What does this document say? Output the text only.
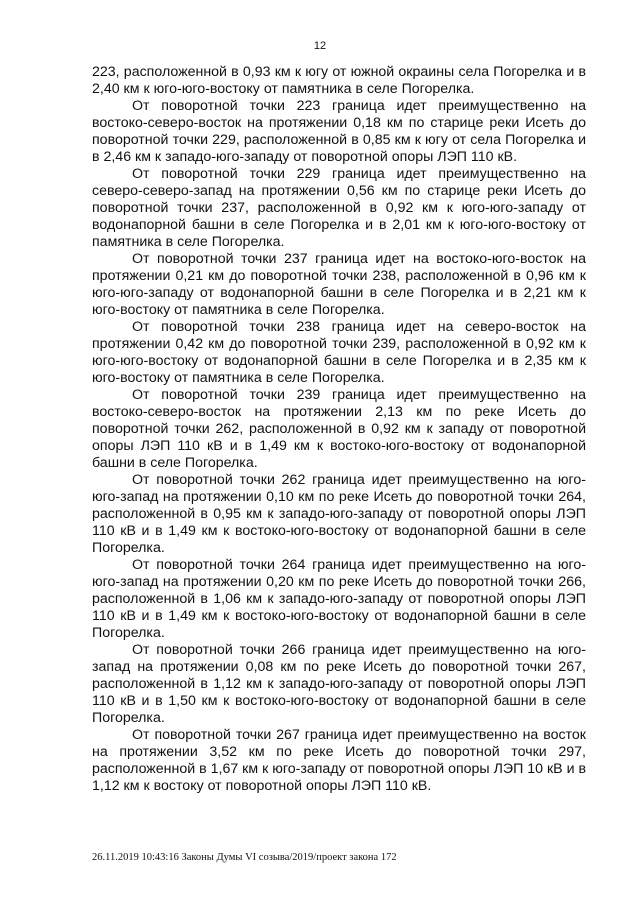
12

223, расположенной в 0,93 км к югу от южной окраины села Погорелка и в 2,40 км к юго-юго-востоку от памятника в селе Погорелка.

От поворотной точки 223 граница идет преимущественно на востоко-северо-восток на протяжении 0,18 км по старице реки Исеть до поворотной точки 229, расположенной в 0,85 км к югу от села Погорелка и в 2,46 км к западо-юго-западу от поворотной опоры ЛЭП 110 кВ.

От поворотной точки 229 граница идет преимущественно на северо-северо-запад на протяжении 0,56 км по старице реки Исеть до поворотной точки 237, расположенной в 0,92 км к юго-юго-западу от водонапорной башни в селе Погорелка и в 2,01 км к юго-юго-востоку от памятника в селе Погорелка.

От поворотной точки 237 граница идет на востоко-юго-восток на протяжении 0,21 км до поворотной точки 238, расположенной в 0,96 км к юго-юго-западу от водонапорной башни в селе Погорелка и в 2,21 км к юго-востоку от памятника в селе Погорелка.

От поворотной точки 238 граница идет на северо-восток на протяжении 0,42 км до поворотной точки 239, расположенной в 0,92 км к юго-юго-востоку от водонапорной башни в селе Погорелка и в 2,35 км к юго-востоку от памятника в селе Погорелка.

От поворотной точки 239 граница идет преимущественно на востоко-северо-восток на протяжении 2,13 км по реке Исеть до поворотной точки 262, расположенной в 0,92 км к западу от поворотной опоры ЛЭП 110 кВ и в 1,49 км к востоко-юго-востоку от водонапорной башни в селе Погорелка.

От поворотной точки 262 граница идет преимущественно на юго-юго-запад на протяжении 0,10 км по реке Исеть до поворотной точки 264, расположенной в 0,95 км к западо-юго-западу от поворотной опоры ЛЭП 110 кВ и в 1,49 км к востоко-юго-востоку от водонапорной башни в селе Погорелка.

От поворотной точки 264 граница идет преимущественно на юго-юго-запад на протяжении 0,20 км по реке Исеть до поворотной точки 266, расположенной в 1,06 км к западо-юго-западу от поворотной опоры ЛЭП 110 кВ и в 1,49 км к востоко-юго-востоку от водонапорной башни в селе Погорелка.

От поворотной точки 266 граница идет преимущественно на юго-запад на протяжении 0,08 км по реке Исеть до поворотной точки 267, расположенной в 1,12 км к западо-юго-западу от поворотной опоры ЛЭП 110 кВ и в 1,50 км к востоко-юго-востоку от водонапорной башни в селе Погорелка.

От поворотной точки 267 граница идет преимущественно на восток на протяжении 3,52 км по реке Исеть до поворотной точки 297, расположенной в 1,67 км к юго-западу от поворотной опоры ЛЭП 10 кВ и в 1,12 км к востоку от поворотной опоры ЛЭП 110 кВ.

26.11.2019 10:43:16 Законы Думы VI созыва/2019/проект закона 172
